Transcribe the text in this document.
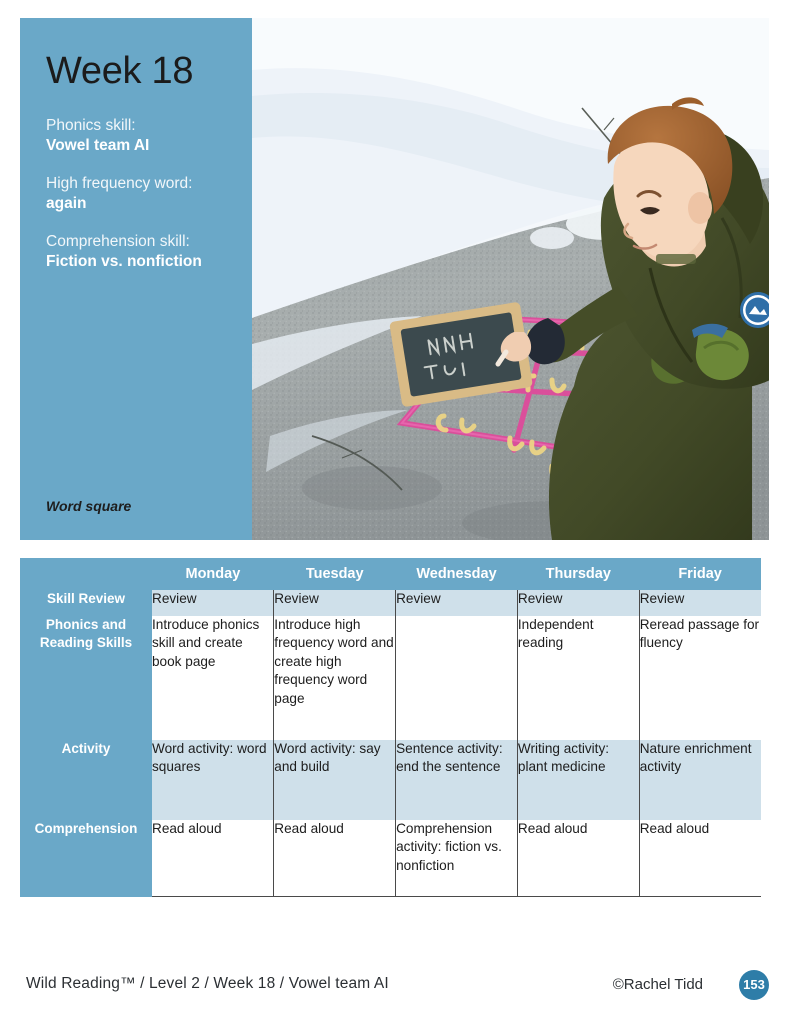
Week 18
Phonics skill:
Vowel team AI
High frequency word:
again
Comprehension skill:
Fiction vs. nonfiction
Word square
	Monday	Tuesday	Wednesday	Thursday	Friday
Skill Review	Review	Review	Review	Review	Review
Phonics and Reading Skills	Introduce phonics skill and create book page	Introduce high frequency word and create high frequency word page		Independent reading	Reread passage for fluency
Activity	Word activity: word squares	Word activity: say and build	Sentence activity: end the sentence	Writing activity: plant medicine	Nature enrichment activity
Comprehension	Read aloud	Read aloud	Comprehension activity: fiction vs. nonfiction	Read aloud	Read aloud
Wild Reading™ / Level 2 / Week 18 / Vowel team AI	©Rachel Tidd	153
